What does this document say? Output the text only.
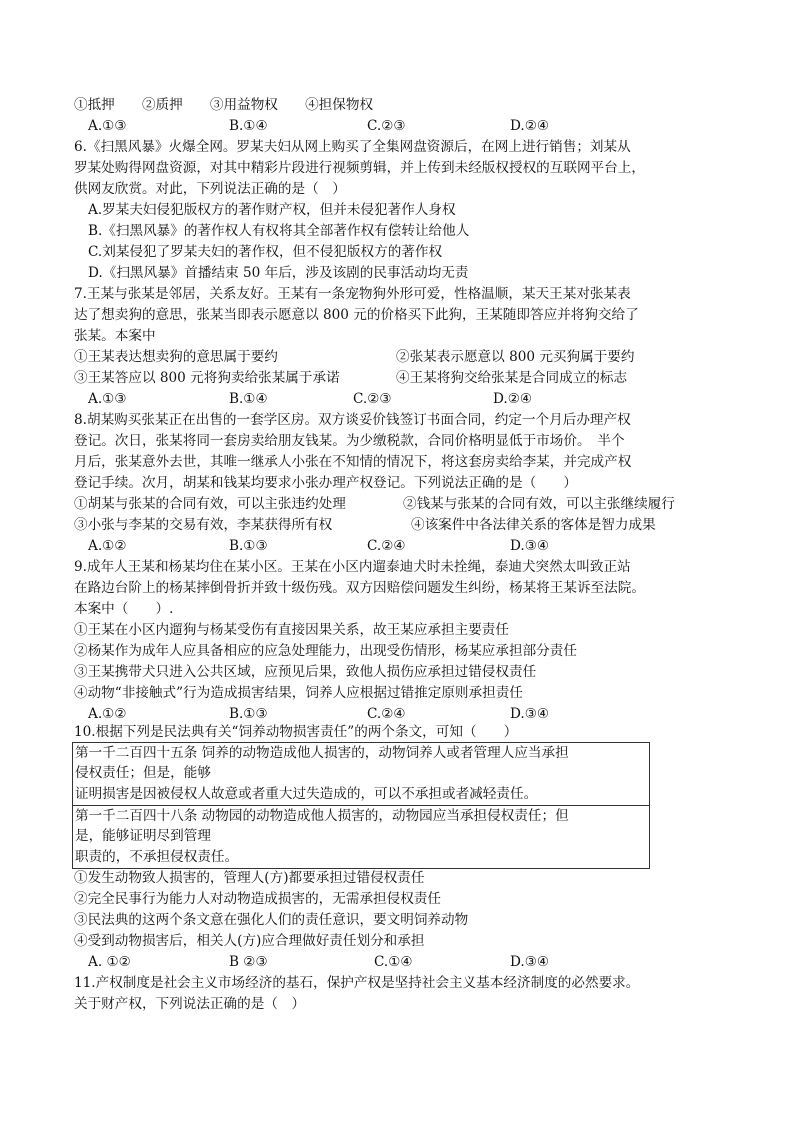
①抵押　　②质押　　③用益物权　　④担保物权
A.①③	B.①④	C.②③	D.②④
6.《扫黑风暴》火爆全网。罗某夫妇从网上购买了全集网盘资源后，在网上进行销售；刘某从
罗某处购得网盘资源，对其中精彩片段进行视频剪辑，并上传到未经版权授权的互联网平台上，
供网友欣赏。对此，下列说法正确的是（　）
A.罗某夫妇侵犯版权方的著作财产权，但并未侵犯著作人身权
B.《扫黑风暴》的著作权人有权将其全部著作权有偿转让给他人
C.刘某侵犯了罗某夫妇的著作权，但不侵犯版权方的著作权
D.《扫黑风暴》首播结束 50 年后，涉及该剧的民事活动均无责
7.王某与张某是邻居，关系友好。王某有一条宠物狗外形可爱，性格温顺，某天王某对张某表
达了想卖狗的意思，张某当即表示愿意以 800 元的价格买下此狗，王某随即答应并将狗交给了
张某。本案中
①王某表达想卖狗的意思属于要约	②张某表示愿意以 800 元买狗属于要约
③王某答应以 800 元将狗卖给张某属于承诺	④王某将狗交给张某是合同成立的标志
A.①③	B.①④	C.②③	D.②④
8.胡某购买张某正在出售的一套学区房。双方谈妥价钱签订书面合同，约定一个月后办理产权
登记。次日，张某将同一套房卖给朋友钱某。为少缴税款，合同价格明显低于市场价。　半个
月后，张某意外去世，其唯一继承人小张在不知情的情况下，将这套房卖给李某，并完成产权
登记手续。次月，胡某和钱某均要求小张办理产权登记。下列说法正确的是（　　）
①胡某与张某的合同有效，可以主张违约处理	②钱某与张某的合同有效，可以主张继续履行
③小张与李某的交易有效，李某获得所有权	④该案件中各法律关系的客体是智力成果
A.①②	B.①③	C.②④	D.③④
9.成年人王某和杨某均住在某小区。王某在小区内遛泰迪犬时未拴绳，泰迪犬突然太叫致正站
在路边台阶上的杨某摔倒骨折并致十级伤残。双方因赔偿问题发生纠纷，杨某将王某诉至法院。
本案中（　　）.
①王某在小区内遛狗与杨某受伤有直接因果关系，故王某应承担主要责任
②杨某作为成年人应具备相应的应急处理能力，出现受伤情形，杨某应承担部分责任
③王某携带犬只进入公共区域，应预见后果，致他人损伤应承担过错侵权责任
④动物“非接触式”行为造成损害结果，饲养人应根据过错推定原则承担责任
A.①②	B.①③	C.②④	D.③④
10.根据下列是民法典有关“饲养动物损害责任”的两个条文，可知（　　）
第一千二百四十五条 饲养的动物造成他人损害的，动物饲养人或者管理人应当承担
侵权责任；但是，能够
证明损害是因被侵权人故意或者重大过失造成的，可以不承担或者减轻责任。
第一千二百四十八条 动物园的动物造成他人损害的，动物园应当承担侵权责任；但
是，能够证明尽到管理
职责的，不承担侵权责任。
①发生动物致人损害的，管理人(方)都要承担过错侵权责任
②完全民事行为能力人对动物造成损害的，无需承担侵权责任
③民法典的这两个条文意在强化人们的责任意识，要文明饲养动物
④受到动物损害后，相关人(方)应合理做好责任划分和承担
A. ①②	B ②③	C.①④	D.③④
11.产权制度是社会主义市场经济的基石，保护产权是坚持社会主义基本经济制度的必然要求。
关于财产权，下列说法正确的是（　）
